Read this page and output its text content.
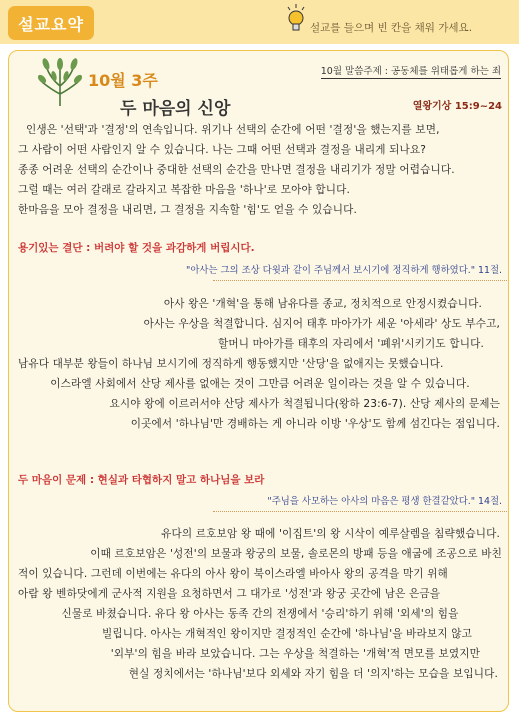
설교요약	설교를 들으며 빈 칸을 채워 가세요.
10월 3주
두 마음의 신앙
10월 말씀주제 : 공동체를 위태롭게 하는 죄
열왕기상 15:9~24
인생은 '선택'과 '결정'의 연속입니다. 위기나 선택의 순간에 어떤 '결정'을 했는지를 보면,
그 사람이 어떤 사람인지 알 수 있습니다. 나는 그때 어떤 선택과 결정을 내리게 되나요?
종종 어려운 선택의 순간이나 중대한 선택의 순간을 만나면 결정을 내리기가 정말 어렵습니다.
그럴 때는 여러 갈래로 갈라지고 복잡한 마음을 '하나'로 모아야 합니다.
한마음을 모아 결정을 내리면, 그 결정을 지속할 '힘'도 얻을 수 있습니다.
용기있는 결단 : 버려야 할 것을 과감하게 버립시다.
"아사는 그의 조상 다윗과 같이 주님께서 보시기에 정직하게 행하였다." 11절.
아사 왕은 '개혁'을 통해 남유다를 종교, 정치적으로 안정시켰습니다.
아사는 우상을 척결합니다. 심지어 태후 마아가가 세운 '아세라' 상도 부수고,
할머니 마아가를 태후의 자리에서 '폐위'시키기도 합니다.
남유다 대부분 왕들이 하나님 보시기에 정직하게 행동했지만 '산당'을 없애지는 못했습니다.
이스라엘 사회에서 산당 제사를 없애는 것이 그만큼 어려운 일이라는 것을 알 수 있습니다.
요시야 왕에 이르러서야 산당 제사가 척결됩니다(왕하 23:6-7). 산당 제사의 문제는
이곳에서 '하나님'만 경배하는 게 아니라 이방 '우상'도 함께 섬긴다는 점입니다.
두 마음이 문제 : 현실과 타협하지 말고 하나님을 보라
"주님을 사모하는 아사의 마음은 평생 한결같았다." 14절.
유다의 르호보암 왕 때에 '이집트'의 왕 시삭이 예루살렘을 침략했습니다.
이때 르호보암은 '성전'의 보물과 왕궁의 보물, 솔로몬의 방패 등을 애굽에 조공으로 바친
적이 있습니다. 그런데 이번에는 유다의 아사 왕이 북이스라엘 바아사 왕의 공격을 막기 위해
아람 왕 벤하닷에게 군사적 지원을 요청하면서 그 대가로 '성전'과 왕궁 곳간에 남은 은금을
신물로 바쳤습니다. 유다 왕 아사는 동족 간의 전쟁에서 '승리'하기 위해 '외세'의 힘을
빌립니다. 아사는 개혁적인 왕이지만 결정적인 순간에 '하나님'을 바라보지 않고
'외부'의 힘을 바라 보았습니다. 그는 우상을 척결하는 '개혁'적 면모를 보였지만
현실 정치에서는 '하나님'보다 외세와 자기 힘을 더 '의지'하는 모습을 보입니다.
